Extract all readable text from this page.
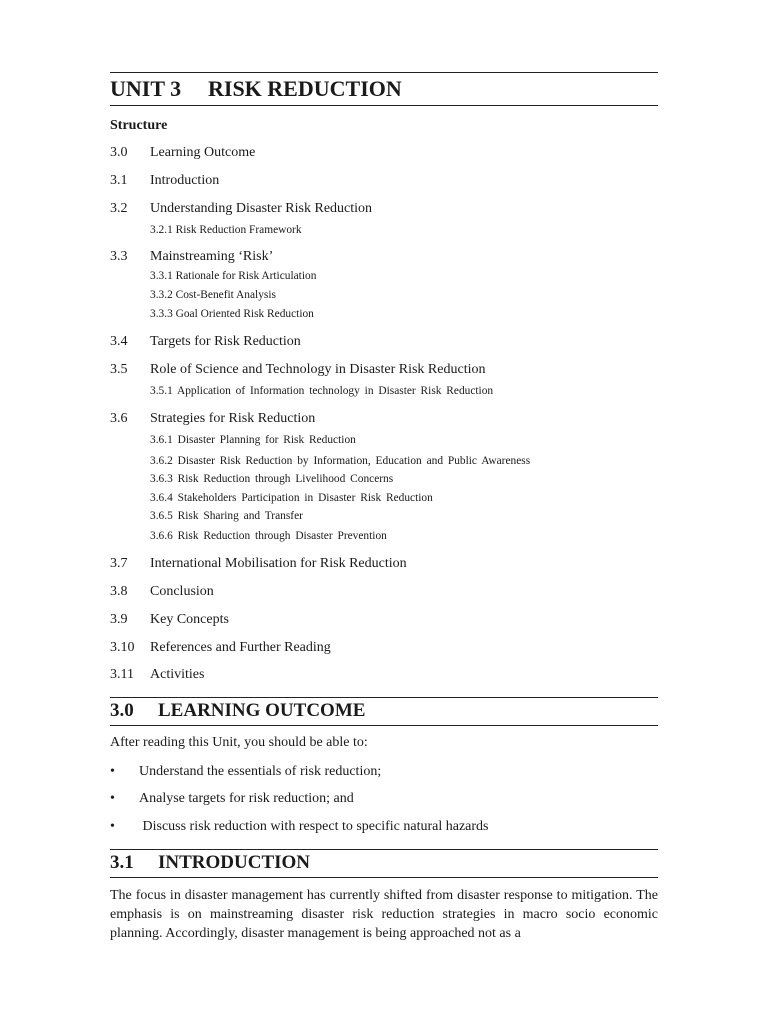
UNIT 3 RISK REDUCTION
Structure
3.0 Learning Outcome
3.1 Introduction
3.2 Understanding Disaster Risk Reduction
3.2.1 Risk Reduction Framework
3.3 Mainstreaming ‘Risk’
3.3.1 Rationale for Risk Articulation
3.3.2 Cost-Benefit Analysis
3.3.3 Goal Oriented Risk Reduction
3.4 Targets for Risk Reduction
3.5 Role of Science and Technology in Disaster Risk Reduction
3.5.1 Application of Information technology in Disaster Risk Reduction
3.6 Strategies for Risk Reduction
3.6.1 Disaster Planning for Risk Reduction
3.6.2 Disaster Risk Reduction by Information, Education and Public Awareness
3.6.3 Risk Reduction through Livelihood Concerns
3.6.4 Stakeholders Participation in Disaster Risk Reduction
3.6.5 Risk Sharing and Transfer
3.6.6 Risk Reduction through Disaster Prevention
3.7 International Mobilisation for Risk Reduction
3.8 Conclusion
3.9 Key Concepts
3.10 References and Further Reading
3.11 Activities
3.0 LEARNING OUTCOME
After reading this Unit, you should be able to:
• Understand the essentials of risk reduction;
• Analyse targets for risk reduction; and
• Discuss risk reduction with respect to specific natural hazards
3.1 INTRODUCTION
The focus in disaster management has currently shifted from disaster response to mitigation. The emphasis is on mainstreaming disaster risk reduction strategies in macro socio economic planning. Accordingly, disaster management is being approached not as a
